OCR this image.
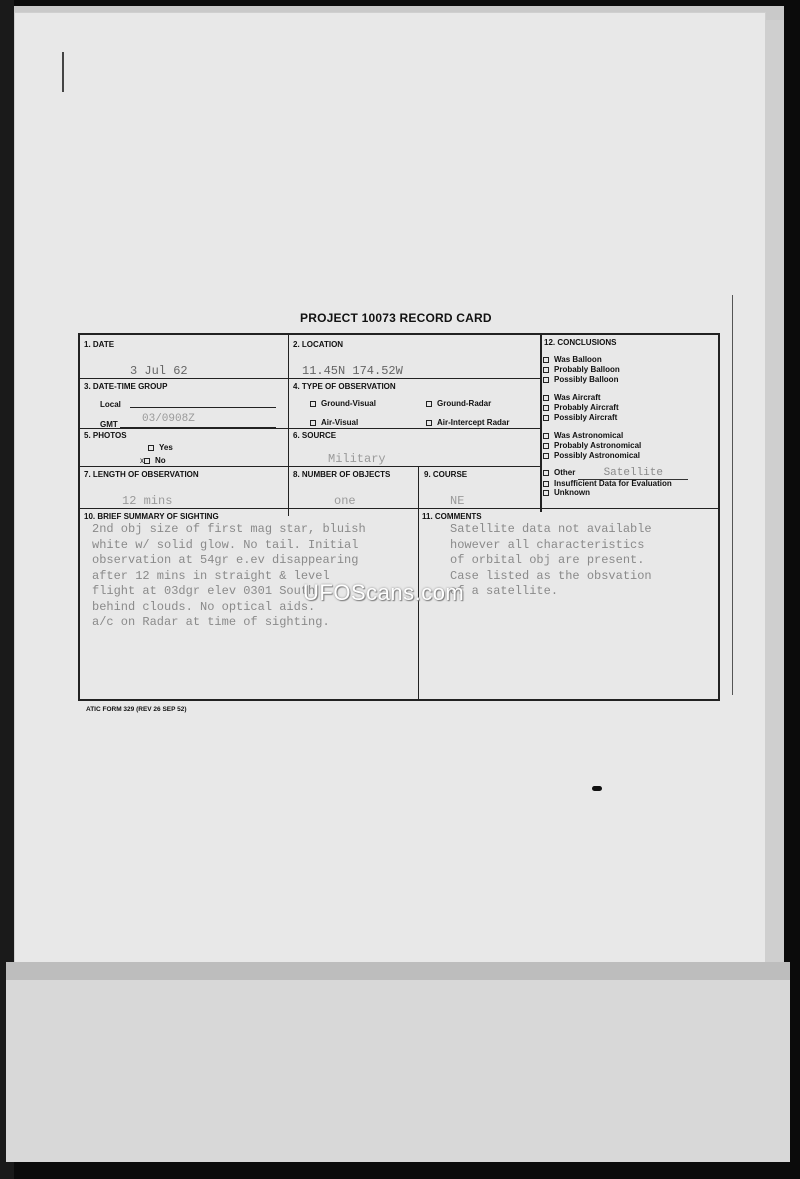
PROJECT 10073 RECORD CARD
1. DATE
3 Jul 62
2. LOCATION
11.45N 174.52W
3. DATE-TIME GROUP
Local
GMT 03/0908Z
4. TYPE OF OBSERVATION
Ground-Visual	Ground-Radar
Air-Visual	Air-Intercept Radar
5. PHOTOS
Yes
x No
6. SOURCE
Military
7. LENGTH OF OBSERVATION
12 mins
8. NUMBER OF OBJECTS
one
9. COURSE
NE
10. BRIEF SUMMARY OF SIGHTING
2nd obj size of first mag star, bluish
white w/ solid glow. No tail. Initial
observation at 54gr e.ev disappearing
after 12 mins in straight & level
flight at 03dgr elev 0301 South
behind clouds. No optical aids.
a/c on Radar at time of sighting.
11. COMMENTS
Satellite data not available
however all characteristics
of orbital obj are present.
Case listed as the obsvation
of a satellite.
12. CONCLUSIONS
Was Balloon
Probably Balloon
Possibly Balloon
Was Aircraft
Probably Aircraft
Possibly Aircraft
Was Astronomical
Probably Astronomical
Possibly Astronomical
Other	Satellite
Insufficient Data for Evaluation
Unknown
UFOScans.com
ATIC FORM 329 (REV 26 SEP 52)
